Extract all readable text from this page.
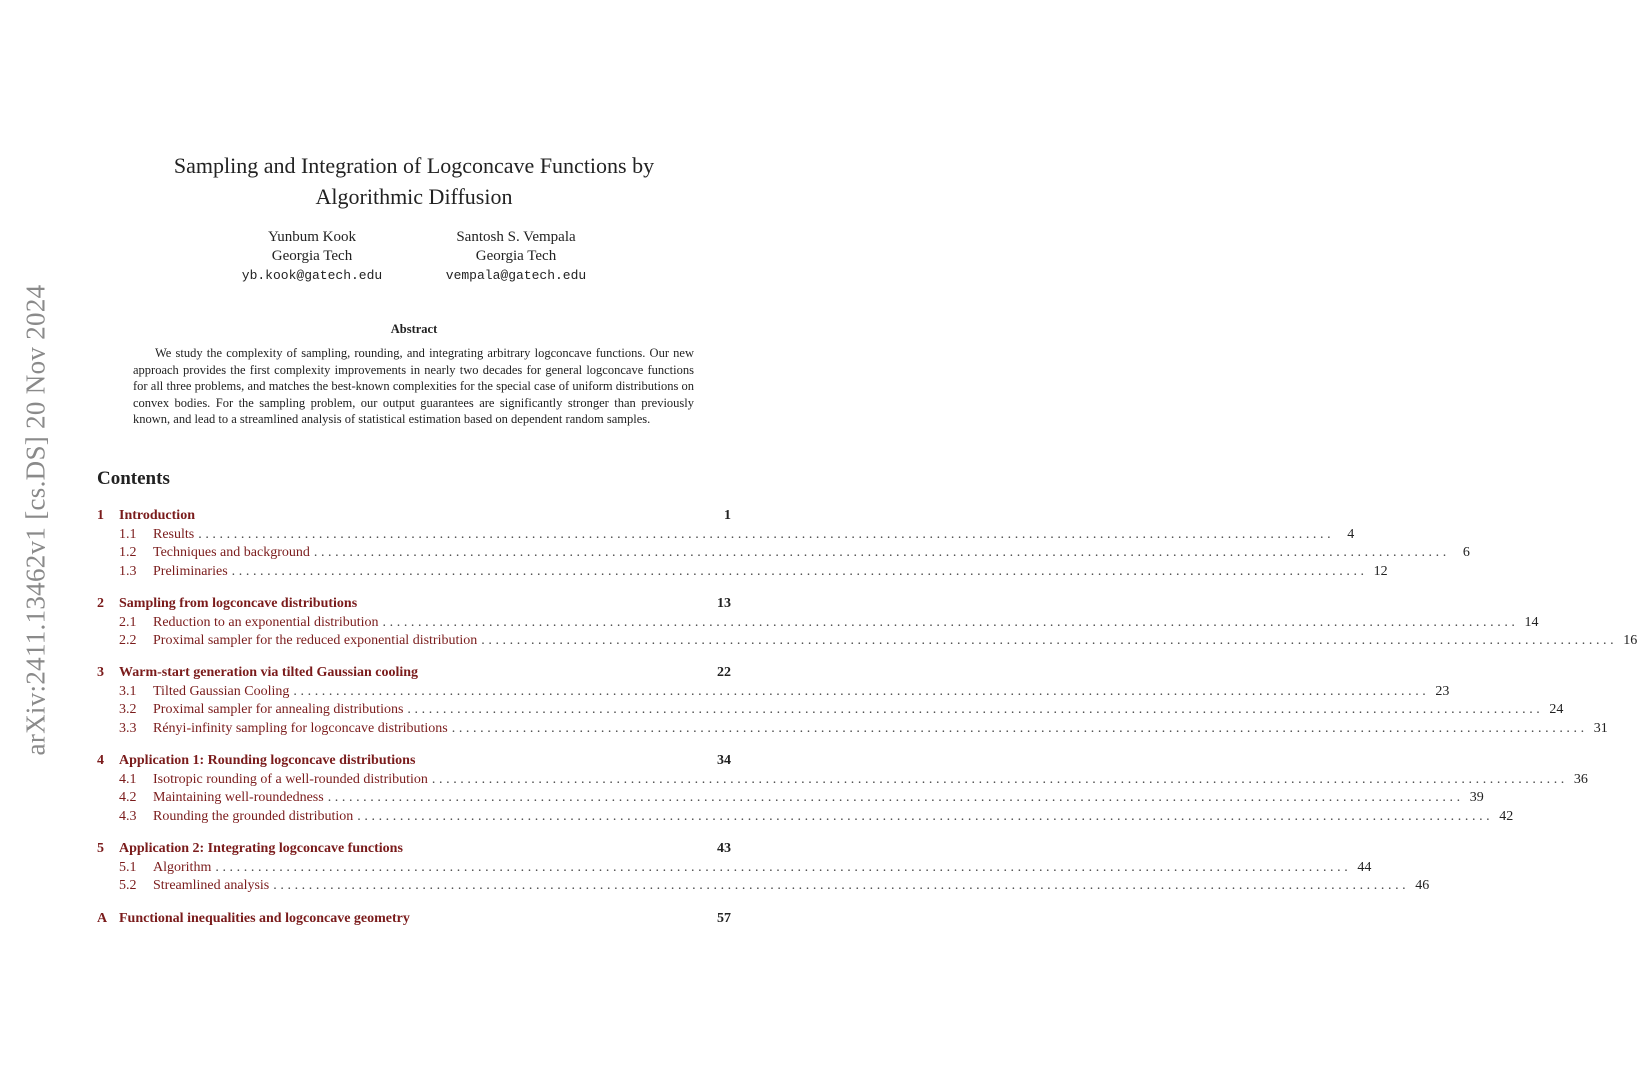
arXiv:2411.13462v1 [cs.DS] 20 Nov 2024
Sampling and Integration of Logconcave Functions by
Algorithmic Diffusion
Yunbum Kook
Georgia Tech
yb.kook@gatech.edu
Santosh S. Vempala
Georgia Tech
vempala@gatech.edu
Abstract
We study the complexity of sampling, rounding, and integrating arbitrary logconcave functions. Our new approach provides the first complexity improvements in nearly two decades for general logconcave functions for all three problems, and matches the best-known complexities for the special case of uniform distributions on convex bodies. For the sampling problem, our output guarantees are significantly stronger than previously known, and lead to a streamlined analysis of statistical estimation based on dependent random samples.
Contents
1	Introduction	1
1.1	Results ................................................................................................................................................................ 4
1.2	Techniques and background ................................................................................................................................................................ 6
1.3	Preliminaries ................................................................................................................................................................ 12
2	Sampling from logconcave distributions	13
2.1	Reduction to an exponential distribution ................................................................................................................................................................ 14
2.2	Proximal sampler for the reduced exponential distribution ................................................................................................................................................................ 16
3	Warm-start generation via tilted Gaussian cooling	22
3.1	Tilted Gaussian Cooling ................................................................................................................................................................ 23
3.2	Proximal sampler for annealing distributions ................................................................................................................................................................ 24
3.3	Rényi-infinity sampling for logconcave distributions ................................................................................................................................................................ 31
4	Application 1: Rounding logconcave distributions	34
4.1	Isotropic rounding of a well-rounded distribution ................................................................................................................................................................ 36
4.2	Maintaining well-roundedness ................................................................................................................................................................ 39
4.3	Rounding the grounded distribution ................................................................................................................................................................ 42
5	Application 2: Integrating logconcave functions	43
5.1	Algorithm ................................................................................................................................................................ 44
5.2	Streamlined analysis ................................................................................................................................................................ 46
A Functional inequalities and logconcave geometry	57
